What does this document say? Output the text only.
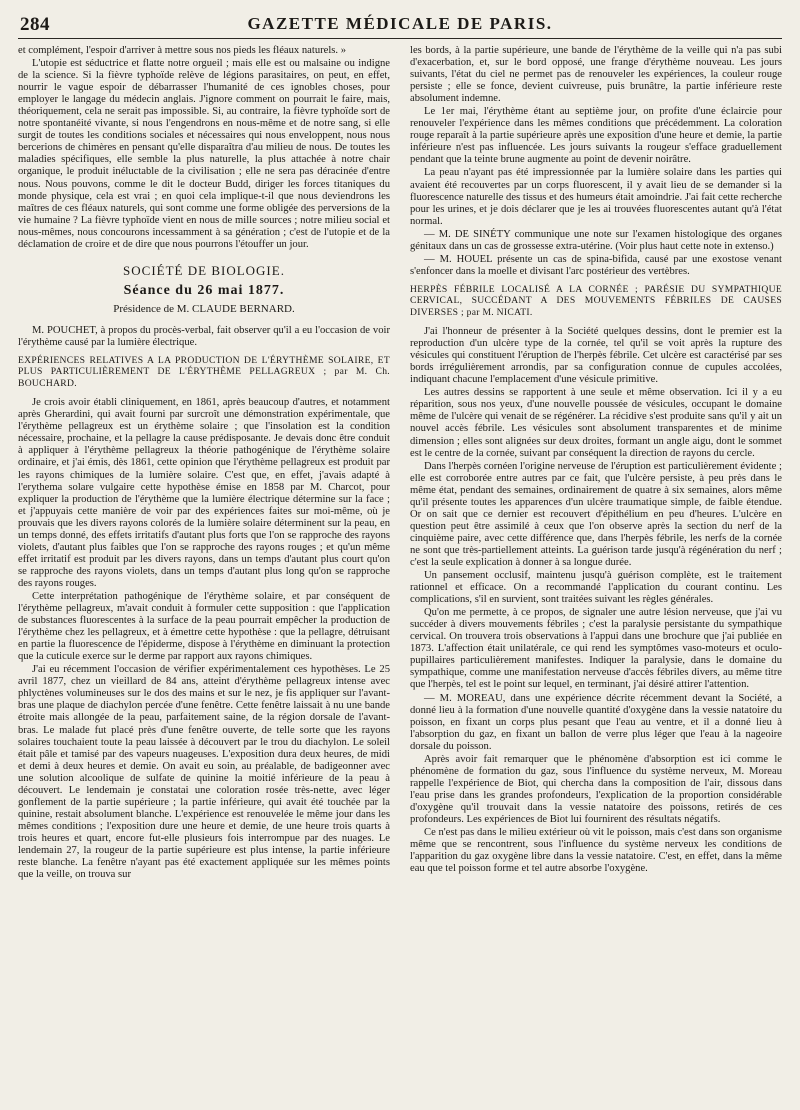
284	GAZETTE MÉDICALE DE PARIS.

et complément, l'espoir d'arriver à mettre sous nos pieds les fléaux naturels. »

L'utopie est séductrice et flatte notre orgueil ; mais elle est ou malsaine ou indigne de la science. Si la fièvre typhoïde relève de légions parasitaires, on peut, en effet, nourrir le vague espoir de débarrasser l'humanité de ces ignobles choses, pour employer le langage du médecin anglais. J'ignore comment on pourrait le faire, mais, théoriquement, cela ne serait pas impossible. Si, au contraire, la fièvre typhoïde sort de notre spontanéité vivante, si nous l'engendrons en nous-même et de notre sang, si elle surgit de toutes les conditions sociales et nécessaires qui nous enveloppent, nous nous bercerions de chimères en pensant qu'elle disparaîtra d'au milieu de nous. De toutes les maladies spécifiques, elle semble la plus naturelle, la plus attachée à notre chair organique, le produit inéluctable de la civilisation ; elle ne sera pas déracinée d'entre nous. Nous pouvons, comme le dit le docteur Budd, diriger les forces titaniques du monde physique, cela est vrai ; en quoi cela implique-t-il que nous deviendrons les maîtres de ces fléaux naturels, qui sont comme une forme obligée des perversions de la vie humaine ? La fièvre typhoïde vient en nous de mille sources ; notre milieu social et nous-mêmes, nous concourons incessamment à sa génération ; c'est de l'utopie et de la déclamation de croire et de dire que nous pourrons l'étouffer un jour.

SOCIÉTÉ DE BIOLOGIE.
Séance du 26 mai 1877.
Présidence de M. CLAUDE BERNARD.

M. POUCHET, à propos du procès-verbal, fait observer qu'il a eu l'occasion de voir l'érythème causé par la lumière électrique.

EXPÉRIENCES RELATIVES A LA PRODUCTION DE L'ÉRYTHÈME SOLAIRE, ET PLUS PARTICULIÈREMENT DE L'ÉRYTHÈME PELLAGREUX ; par M. Ch. BOUCHARD.

Je crois avoir établi cliniquement, en 1861, après beaucoup d'autres, et notamment après Gherardini, qui avait fourni par surcroît une démonstration expérimentale, que l'érythème pellagreux est un érythème solaire ; que l'insolation est la condition nécessaire, prochaine, et la pellagre la cause prédisposante. Je devais donc être conduit à appliquer à l'érythème pellagreux la théorie pathogénique de l'érythème solaire ordinaire, et j'ai émis, dès 1861, cette opinion que l'érythème pellagreux est produit par les rayons chimiques de la lumière solaire. C'est que, en effet, j'avais adapté à l'erythema solare vulgaire cette hypothèse émise en 1858 par M. Charcot, pour expliquer la production de l'érythème que la lumière électrique détermine sur la face ; et j'appuyais cette manière de voir par des expériences faites sur moi-même, où je prouvais que les divers rayons colorés de la lumière solaire déterminent sur la peau, en un temps donné, des effets irritatifs d'autant plus forts que l'on se rapproche des rayons violets, d'autant plus faibles que l'on se rapproche des rayons rouges ; et qu'un même effet irritatif est produit par les divers rayons, dans un temps d'autant plus court qu'on se rapproche des rayons violets, dans un temps d'autant plus long qu'on se rapproche des rayons rouges.

Cette interprétation pathogénique de l'érythème solaire, et par conséquent de l'érythème pellagreux, m'avait conduit à formuler cette supposition : que l'application de substances fluorescentes à la surface de la peau pourrait empêcher la production de l'érythème chez les pellagreux, et à émettre cette hypothèse : que la pellagre, détruisant en partie la fluorescence de l'épiderme, dispose à l'érythème en diminuant la protection que la cuticule exerce sur le derme par rapport aux rayons chimiques.

J'ai eu récemment l'occasion de vérifier expérimentalement ces hypothèses. Le 25 avril 1877, chez un vieillard de 84 ans, atteint d'érythème pellagreux intense avec phlyctènes volumineuses sur le dos des mains et sur le nez, je fis appliquer sur l'avant-bras une plaque de diachylon percée d'une fenêtre. Cette fenêtre laissait à nu une bande étroite mais allongée de la peau, parfaitement saine, de la région dorsale de l'avant-bras. Le malade fut placé près d'une fenêtre ouverte, de telle sorte que les rayons solaires touchaient toute la peau laissée à découvert par le trou du diachylon. Le soleil était pâle et tamisé par des vapeurs nuageuses. L'exposition dura deux heures, de midi et demi à deux heures et demie. On avait eu soin, au préalable, de badigeonner avec une solution alcoolique de sulfate de quinine la moitié inférieure de la peau à découvert. Le lendemain je constatai une coloration rosée très-nette, avec léger gonflement de la partie supérieure ; la partie inférieure, qui avait été touchée par la quinine, restait absolument blanche. L'expérience est renouvelée le même jour dans les mêmes conditions ; l'exposition dure une heure et demie, de une heure trois quarts à trois heures et quart, encore fut-elle plusieurs fois interrompue par des nuages. Le lendemain 27, la rougeur de la partie supérieure est plus intense, la partie inférieure reste blanche. La fenêtre n'ayant pas été exactement appliquée sur les mêmes points que la veille, on trouva sur

les bords, à la partie supérieure, une bande de l'érythème de la veille qui n'a pas subi d'exacerbation, et, sur le bord opposé, une frange d'érythème nouveau. Les jours suivants, l'état du ciel ne permet pas de renouveler les expériences, la couleur rouge persiste ; elle se fonce, devient cuivreuse, puis brunâtre, la partie inférieure reste absolument indemne.

Le 1er mai, l'érythème étant au septième jour, on profite d'une éclaircie pour renouveler l'expérience dans les mêmes conditions que précédemment. La coloration rouge reparaît à la partie supérieure après une exposition d'une heure et demie, la partie inférieure n'est pas influencée. Les jours suivants la rougeur s'efface graduellement pendant que la teinte brune augmente au point de devenir noirâtre.

La peau n'ayant pas été impressionnée par la lumière solaire dans les parties qui avaient été recouvertes par un corps fluorescent, il y avait lieu de se demander si la fluorescence naturelle des tissus et des humeurs était amoindrie. J'ai fait cette recherche pour les urines, et je dois déclarer que je les ai trouvées fluorescentes autant qu'à l'état normal.

— M. DE SINÉTY communique une note sur l'examen histologique des organes génitaux dans un cas de grossesse extra-utérine. (Voir plus haut cette note in extenso.)

— M. HOUEL présente un cas de spina-bifida, causé par une exostose venant s'enfoncer dans la moelle et divisant l'arc postérieur des vertèbres.

HERPÈS FÉBRILE LOCALISÉ A LA CORNÉE ; PARÉSIE DU SYMPATHIQUE CERVICAL, SUCCÉDANT A DES MOUVEMENTS FÉBRILES DE CAUSES DIVERSES ; par M. NICATI.

J'ai l'honneur de présenter à la Société quelques dessins, dont le premier est la reproduction d'un ulcère type de la cornée, tel qu'il se voit après la rupture des vésicules qui constituent l'éruption de l'herpès fébrile. Cet ulcère est caractérisé par ses bords irrégulièrement arrondis, par sa configuration connue de cupules accolées, indiquant chacune l'emplacement d'une vésicule primitive.

Les autres dessins se rapportent à une seule et même observation. Ici il y a eu réparition, sous nos yeux, d'une nouvelle poussée de vésicules, occupant le domaine même de l'ulcère qui venait de se régénérer. La récidive s'est produite sans qu'il y ait un nouvel accès fébrile. Les vésicules sont absolument transparentes et de minime dimension ; elles sont alignées sur deux droites, formant un angle aigu, dont le sommet est le centre de la cornée, suivant par conséquent la direction de rayons du cercle.

Dans l'herpès cornéen l'origine nerveuse de l'éruption est particulièrement évidente ; elle est corroborée entre autres par ce fait, que l'ulcère persiste, à peu près dans le même état, pendant des semaines, ordinairement de quatre à six semaines, alors même qu'il présente toutes les apparences d'un ulcère traumatique simple, de faible étendue. Or on sait que ce dernier est recouvert d'épithélium en peu d'heures. L'ulcère en question peut être assimilé à ceux que l'on observe après la section du nerf de la cinquième paire, avec cette différence que, dans l'herpès fébrile, les nerfs de la cornée ne sont que très-partiellement atteints. La guérison tarde jusqu'à régénération du nerf ; c'est la seule explication à donner à sa longue durée.

Un pansement occlusif, maintenu jusqu'à guérison complète, est le traitement rationnel et efficace. On a recommandé l'application du courant continu. Les complications, s'il en survient, sont traitées suivant les règles générales.

Qu'on me permette, à ce propos, de signaler une autre lésion nerveuse, que j'ai vu succéder à divers mouvements fébriles ; c'est la paralysie persistante du sympathique cervical. On trouvera trois observations à l'appui dans une brochure que j'ai publiée en 1873. L'affection était unilatérale, ce qui rend les symptômes vaso-moteurs et oculo-pupillaires particulièrement manifestes. Indiquer la paralysie, dans le domaine du sympathique, comme une manifestation nerveuse d'accès fébriles divers, au même titre que l'herpès, tel est le point sur lequel, en terminant, j'ai désiré attirer l'attention.

— M. MOREAU, dans une expérience décrite récemment devant la Société, a donné lieu à la formation d'une nouvelle quantité d'oxygène dans la vessie natatoire du poisson, en fixant un corps plus pesant que l'eau au ventre, et il a donné lieu à l'absorption du gaz, en fixant un ballon de verre plus léger que l'eau à la nageoire dorsale du poisson.

Après avoir fait remarquer que le phénomène d'absorption est ici comme le phénomène de formation du gaz, sous l'influence du système nerveux, M. Moreau rappelle l'expérience de Biot, qui chercha dans la composition de l'air, dissous dans l'eau prise dans les grandes profondeurs, l'explication de la proportion considérable d'oxygène qu'il trouvait dans la vessie natatoire des poissons, retirés de ces profondeurs. Les expériences de Biot lui fournirent des résultats négatifs.

Ce n'est pas dans le milieu extérieur où vit le poisson, mais c'est dans son organisme même que se rencontrent, sous l'influence du système nerveux les conditions de l'apparition du gaz oxygène libre dans la vessie natatoire. C'est, en effet, dans la même eau que tel poisson forme et tel autre absorbe l'oxygène.
